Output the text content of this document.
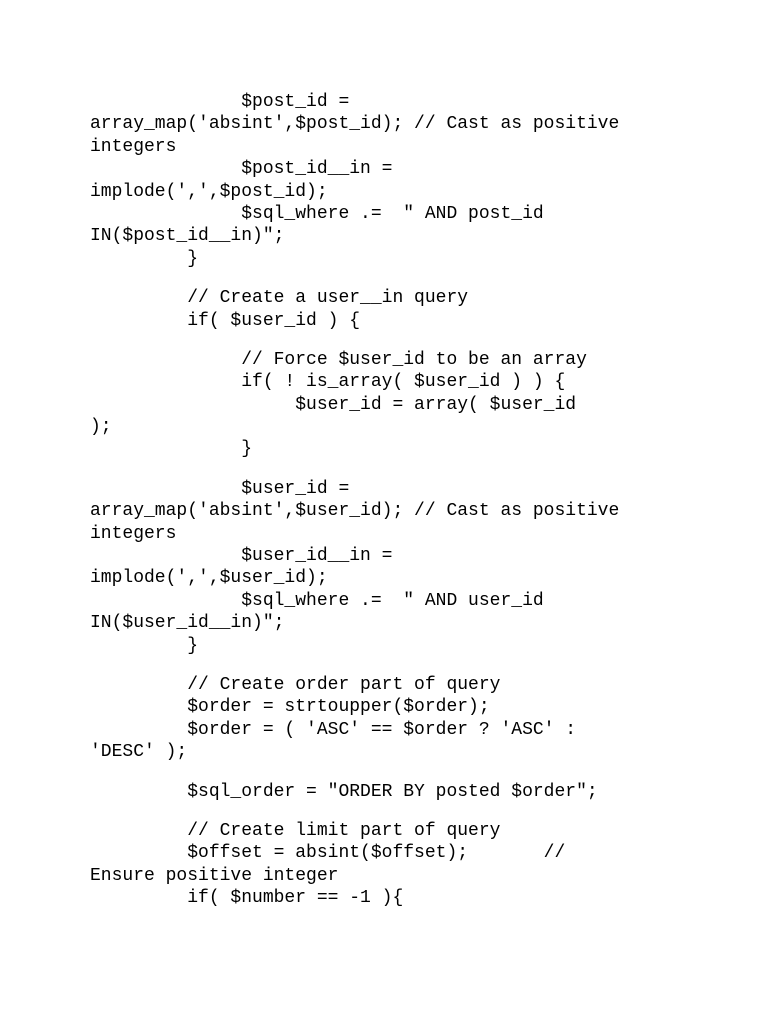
$post_id =
array_map('absint',$post_id); // Cast as positive
integers
$post_id__in =
implode(',',$post_id);
$sql_where .=  " AND post_id
IN($post_id__in)";
}
// Create a user__in query
if( $user_id ) {
// Force $user_id to be an array
if( ! is_array( $user_id ) ) {
$user_id = array( $user_id
);
}
$user_id =
array_map('absint',$user_id); // Cast as positive
integers
$user_id__in =
implode(',',$user_id);
$sql_where .=  " AND user_id
IN($user_id__in)";
}
// Create order part of query
$order = strtoupper($order);
$order = ( 'ASC' == $order ? 'ASC' :
'DESC' );
$sql_order = "ORDER BY posted $order";
// Create limit part of query
$offset = absint($offset);       //
Ensure positive integer
if( $number == -1 ){
